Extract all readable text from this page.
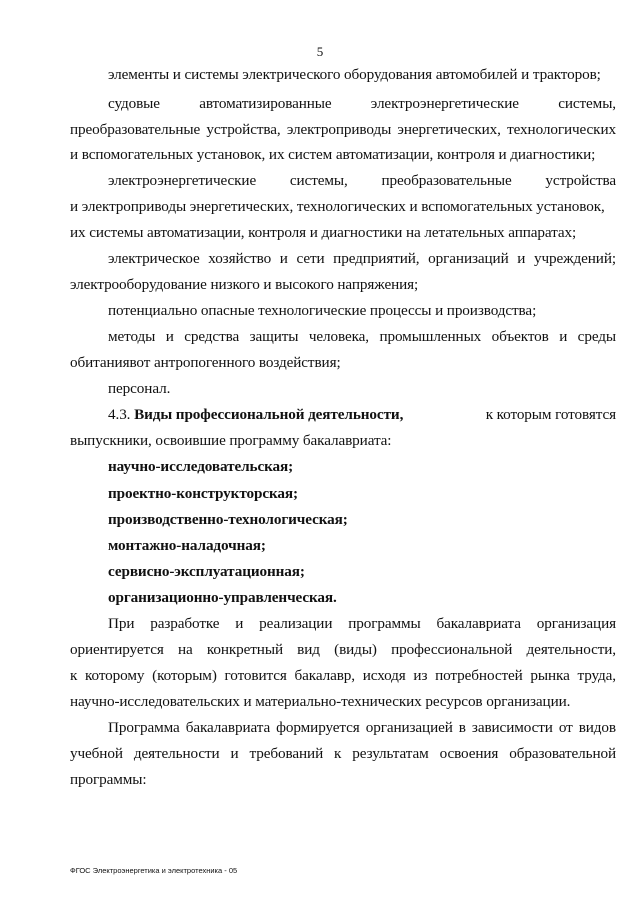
5
элементы и системы электрического оборудования автомобилей и тракторов;
судовые автоматизированные электроэнергетические системы,
преобразовательные устройства, электроприводы энергетических, технологических
и вспомогательных установок, их систем автоматизации, контроля и диагностики;
электроэнергетические системы, преобразовательные устройства
и электроприводы энергетических, технологических и вспомогательных установок,
их системы автоматизации, контроля и диагностики на летательных аппаратах;
электрическое хозяйство и сети предприятий, организаций и учреждений;
электрооборудование низкого и высокого напряжения;
потенциально опасные технологические процессы и производства;
методы и средства защиты человека, промышленных объектов и среды
обитаниявот антропогенного воздействия;
персонал.
4.3. Виды профессиональной деятельности,	к которым готовятся
выпускники, освоившие программу бакалавриата:
научно-исследовательская;
проектно-конструкторская;
производственно-технологическая;
монтажно-наладочная;
сервисно-эксплуатационная;
организационно-управленческая.
При разработке и реализации программы бакалавриата организация
ориентируется на конкретный вид (виды) профессиональной деятельности,
к которому (которым) готовится бакалавр, исходя из потребностей рынка труда,
научно-исследовательских и материально-технических ресурсов организации.
Программа бакалавриата формируется организацией в зависимости от видов
учебной деятельности и требований к результатам освоения образовательной
программы:
ФГОС Электроэнергетика и электротехника - 05
